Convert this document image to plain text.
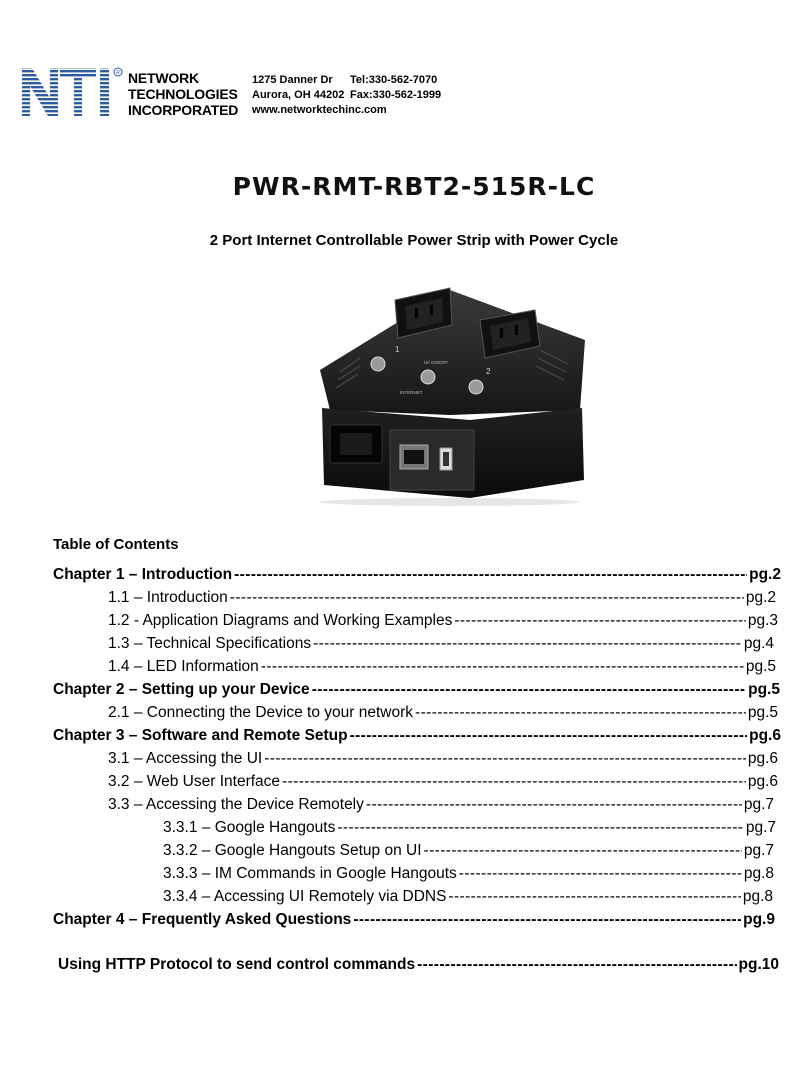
R NETWORK
TECHNOLOGIES
INCORPORATED
1275 Danner Dr Tel:330-562-7070
Aurora, OH 44202 Fax:330-562-1999
www.networktechinc.com
PWR-RMT-RBT2-515R-LC
2 Port Internet Controllable Power Strip with Power Cycle
1
2
UI/ ON/OFF
INTERNET
Table of Contents
Chapter 1 – Introduction -----	pg.2
1.1 – Introduction -----	pg.2
1.2 - Application Diagrams and Working Examples -----	pg.3
1.3 – Technical Specifications -----	pg.4
1.4 – LED Information -----	pg.5
Chapter 2 – Setting up your Device -----	pg.5
2.1 – Connecting the Device to your network -----	pg.5
Chapter 3 – Software and Remote Setup -----	pg.6
3.1 – Accessing the UI -----	pg.6
3.2 – Web User Interface -----	pg.6
3.3 – Accessing the Device Remotely -----	pg.7
3.3.1 – Google Hangouts -----	pg.7
3.3.2 – Google Hangouts Setup on UI -----	pg.7
3.3.3 – IM Commands in Google Hangouts -----	pg.8
3.3.4 – Accessing UI Remotely via DDNS -----	pg.8
Chapter 4 – Frequently Asked Questions -----	pg.9
Using HTTP Protocol to send control commands -----	pg.10
